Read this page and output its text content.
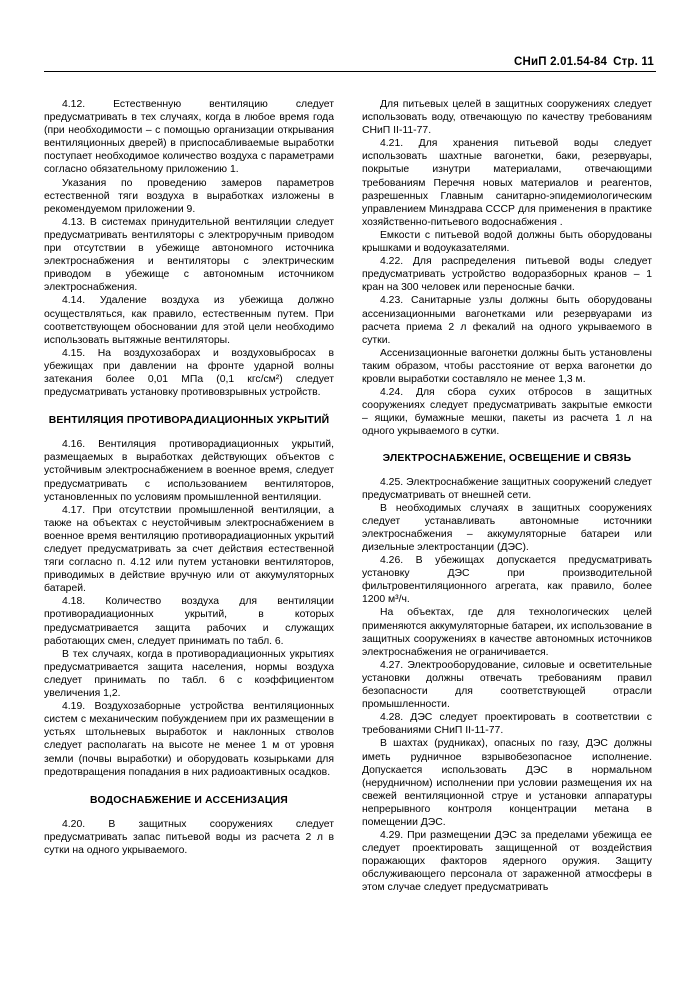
СНиП 2.01.54-84 Стр. 11

4.12. Естественную вентиляцию следует предусматривать в тех случаях, когда в любое время года (при необходимости – с помощью организации открывания вентиляционных дверей) в приспосабливаемые выработки поступает необходимое количество воздуха с параметрами согласно обязательному приложению 1.

Указания по проведению замеров параметров естественной тяги воздуха в выработках изложены в рекомендуемом приложении 9.

4.13. В системах принудительной вентиляции следует предусматривать вентиляторы с электроручным приводом при отсутствии в убежище автономного источника электроснабжения и вентиляторы с электрическим приводом в убежище с автономным источником электроснабжения.

4.14. Удаление воздуха из убежища должно осуществляться, как правило, естественным путем. При соответствующем обосновании для этой цели необходимо использовать вытяжные вентиляторы.

4.15. На воздухозаборах и воздуховыбросах в убежищах при давлении на фронте ударной волны затекания более 0,01 МПа (0,1 кгс/см²) следует предусматривать установку противовзрывных устройств.

ВЕНТИЛЯЦИЯ ПРОТИВОРАДИАЦИОННЫХ УКРЫТИЙ

4.16. Вентиляция противорадиационных укрытий, размещаемых в выработках действующих объектов с устойчивым электроснабжением в военное время, следует предусматривать с использованием вентиляторов, установленных по условиям промышленной вентиляции.

4.17. При отсутствии промышленной вентиляции, а также на объектах с неустойчивым электроснабжением в военное время вентиляцию противорадиационных укрытий следует предусматривать за счет действия естественной тяги согласно п. 4.12 или путем установки вентиляторов, приводимых в действие вручную или от аккумуляторных батарей.

4.18. Количество воздуха для вентиляции противорадиационных укрытий, в которых предусматривается защита рабочих и служащих работающих смен, следует принимать по табл. 6.

В тех случаях, когда в противорадиационных укрытиях предусматривается защита населения, нормы воздуха следует принимать по табл. 6 с коэффициентом увеличения 1,2.

4.19. Воздухозаборные устройства вентиляционных систем с механическим побуждением при их размещении в устьях штольневых выработок и наклонных стволов следует располагать на высоте не менее 1 м от уровня земли (почвы выработки) и оборудовать козырьками для предотвращения попадания в них радиоактивных осадков.

ВОДОСНАБЖЕНИЕ И АССЕНИЗАЦИЯ

4.20. В защитных сооружениях следует предусматривать запас питьевой воды из расчета 2 л в сутки на одного укрываемого.

Для питьевых целей в защитных сооружениях следует использовать воду, отвечающую по качеству требованиям СНиП II-11-77.

4.21. Для хранения питьевой воды следует использовать шахтные вагонетки, баки, резервуары, покрытые изнутри материалами, отвечающими требованиям Перечня новых материалов и реагентов, разрешенных Главным санитарно-эпидемиологическим управлением Минздрава СССР для применения в практике хозяйственно-питьевого водоснабжения .

Емкости с питьевой водой должны быть оборудованы крышками и водоуказателями.

4.22. Для распределения питьевой воды следует предусматривать устройство водоразборных кранов – 1 кран на 300 человек или переносные бачки.

4.23. Санитарные узлы должны быть оборудованы ассенизационными вагонетками или резервуарами из расчета приема 2 л фекалий на одного укрываемого в сутки.

Ассенизационные вагонетки должны быть установлены таким образом, чтобы расстояние от верха вагонетки до кровли выработки составляло не менее 1,3 м.

4.24. Для сбора сухих отбросов в защитных сооружениях следует предусматривать закрытые емкости – ящики, бумажные мешки, пакеты из расчета 1 л на одного укрываемого в сутки.

ЭЛЕКТРОСНАБЖЕНИЕ, ОСВЕЩЕНИЕ И СВЯЗЬ

4.25. Электроснабжение защитных сооружений следует предусматривать от внешней сети.

В необходимых случаях в защитных сооружениях следует устанавливать автономные источники электроснабжения – аккумуляторные батареи или дизельные электростанции (ДЭС).

4.26. В убежищах допускается предусматривать установку ДЭС при производительной фильтровентиляционного агрегата, как правило, более 1200 м³/ч.

На объектах, где для технологических целей применяются аккумуляторные батареи, их использование в защитных сооружениях в качестве автономных источников электроснабжения не ограничивается.

4.27. Электрооборудование, силовые и осветительные установки должны отвечать требованиям правил безопасности для соответствующей отрасли промышленности.

4.28. ДЭС следует проектировать в соответствии с требованиями СНиП II-11-77.

В шахтах (рудниках), опасных по газу, ДЭС должны иметь рудничное взрывобезопасное исполнение. Допускается использовать ДЭС в нормальном (нерудничном) исполнении при условии размещения их на свежей вентиляционной струе и установки аппаратуры непрерывного контроля концентрации метана в помещении ДЭС.

4.29. При размещении ДЭС за пределами убежища ее следует проектировать защищенной от воздействия поражающих факторов ядерного оружия. Защиту обслуживающего персонала от зараженной атмосферы в этом случае следует предусматривать
